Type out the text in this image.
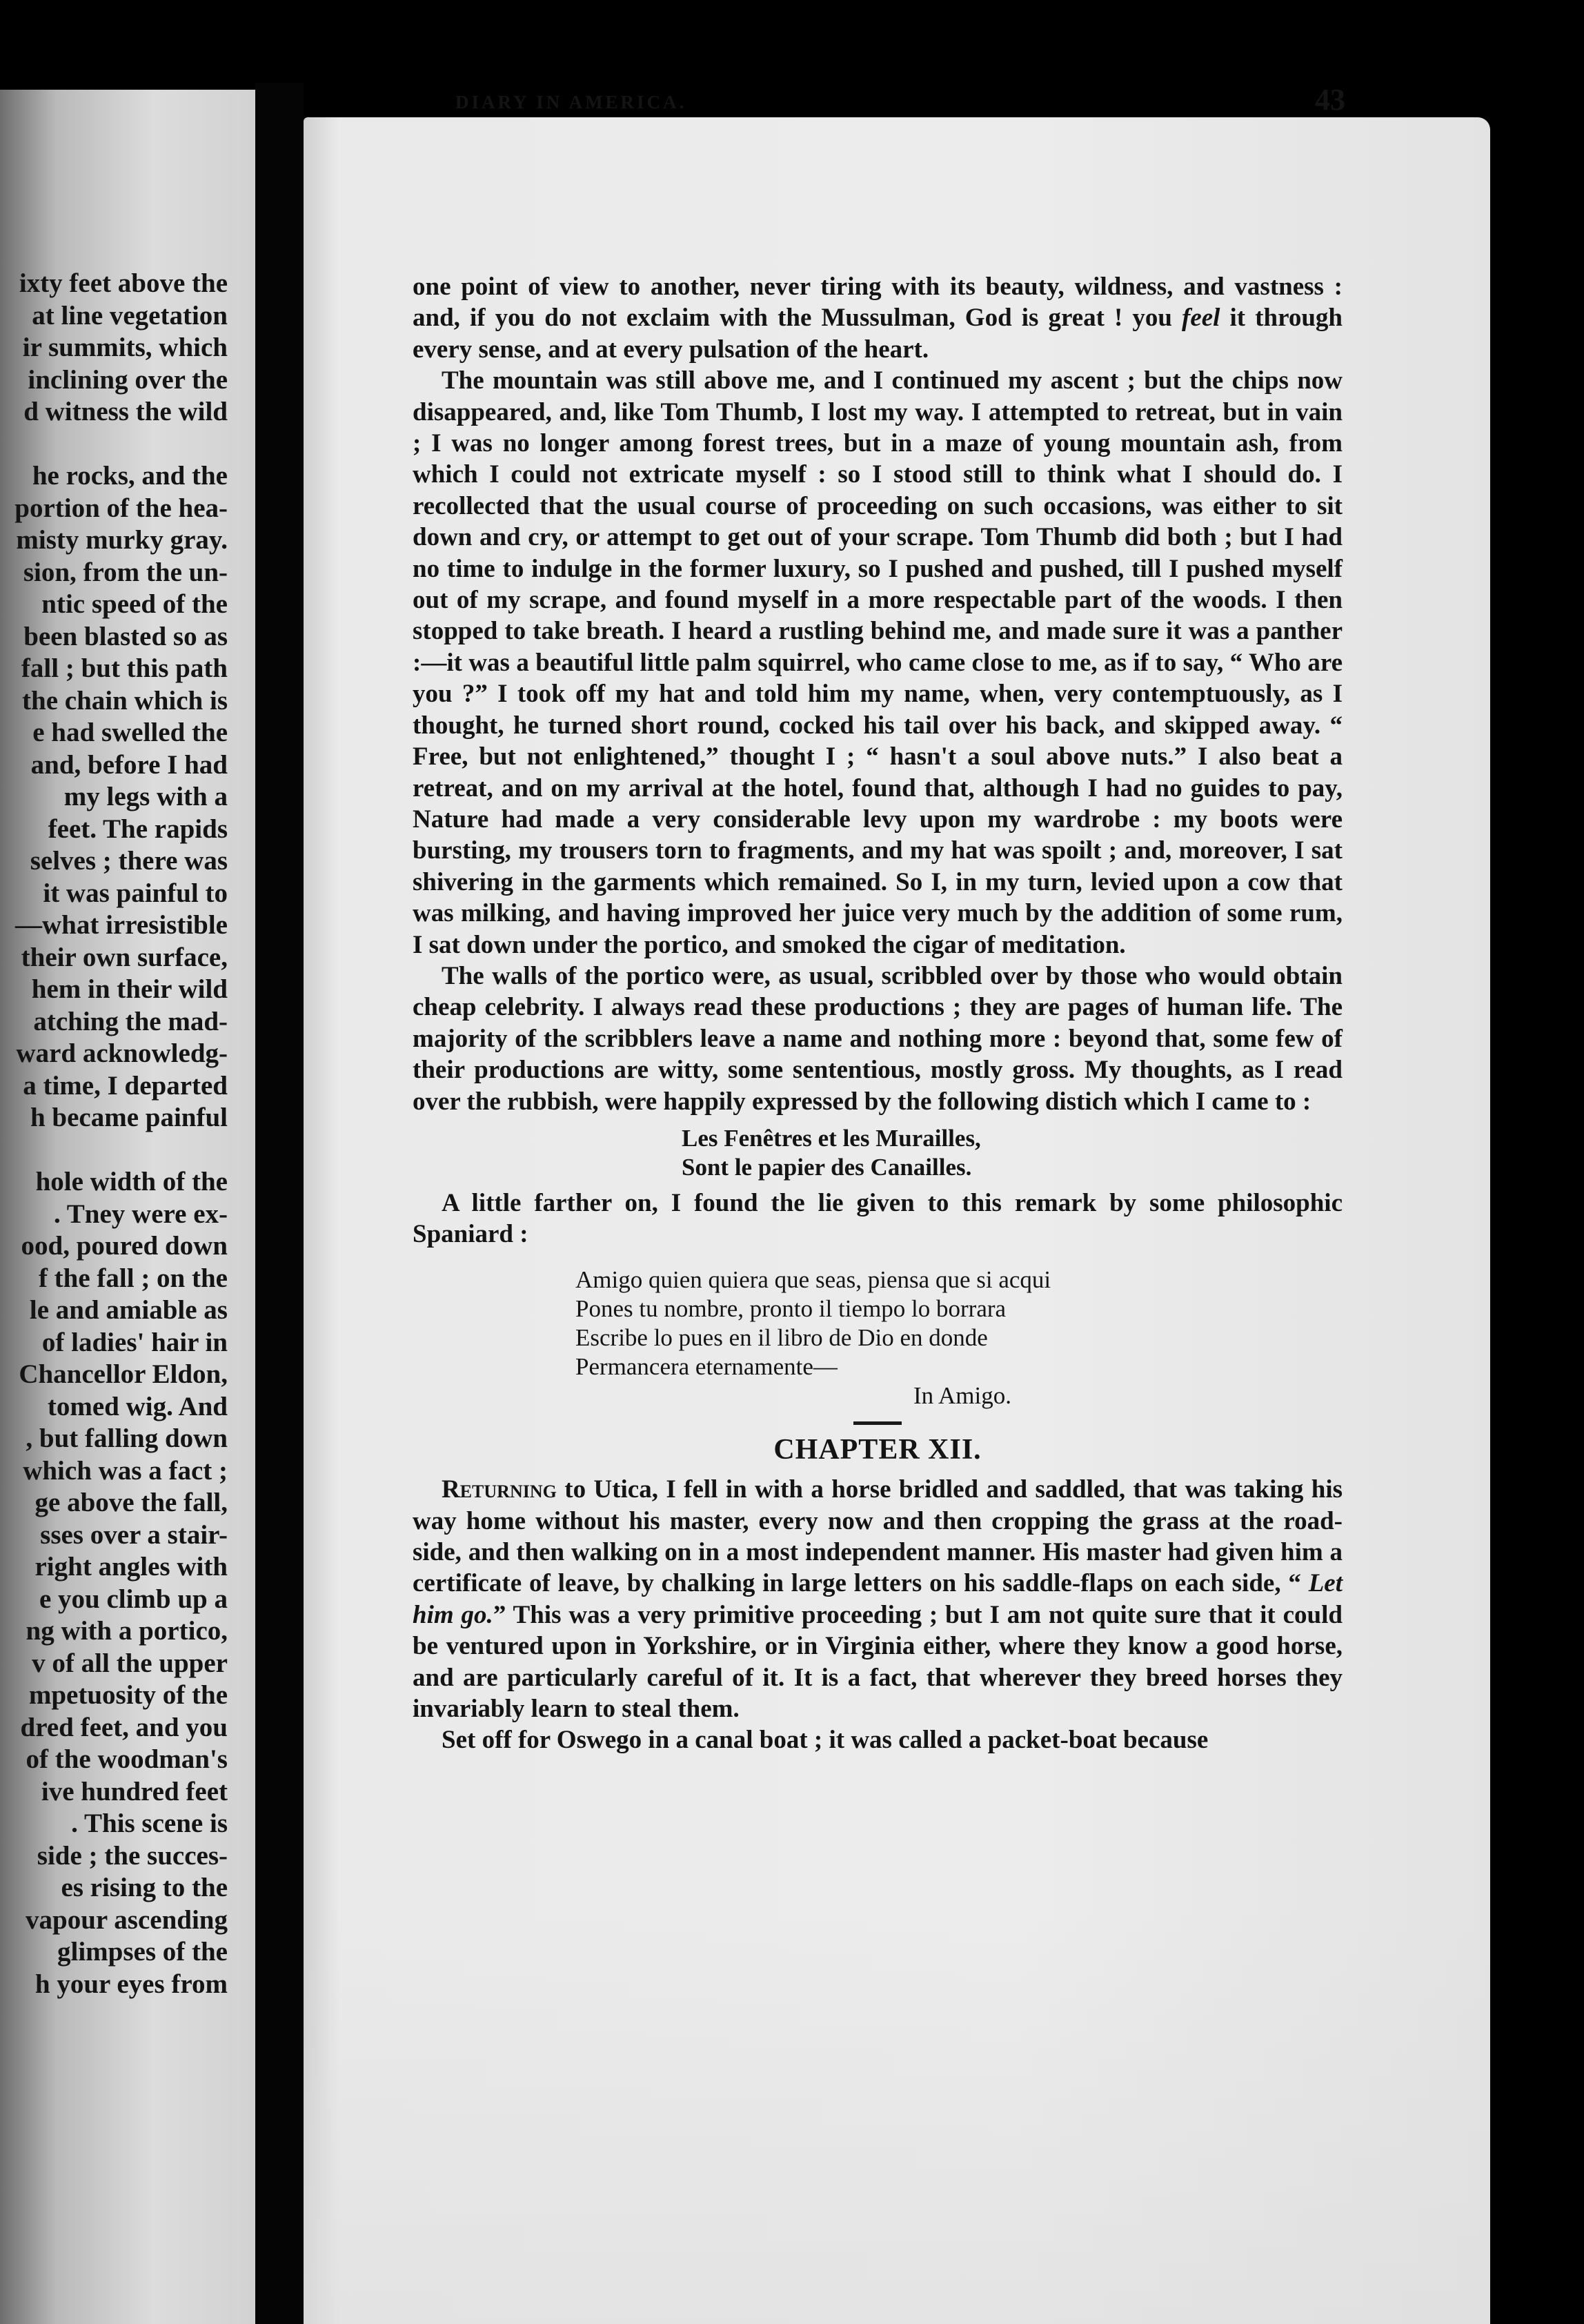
ixty feet above the
at line vegetation
ir summits, which
inclining over the
d witness the wild

he rocks, and the
portion of the hea-
misty murky gray.
sion, from the un-
ntic speed of the
been blasted so as
fall ; but this path
the chain which is
e had swelled the
and, before I had
my legs with a
feet. The rapids
selves ; there was
it was painful to
—what irresistible
their own surface,
hem in their wild
atching the mad-
ward acknowledg-
a time, I departed
h became painful

hole width of the
. Tney were ex-
ood, poured down
f the fall ; on the
le and amiable as
of ladies' hair in
Chancellor Eldon,
tomed wig. And
, but falling down
which was a fact ;
ge above the fall,
sses over a stair-
right angles with
e you climb up a
ng with a portico,
v of all the upper
mpetuosity of the
dred feet, and you
of the woodman's
ive hundred feet
. This scene is
side ; the succes-
es rising to the
vapour ascending
glimpses of the
h your eyes from
DIARY IN AMERICA.	43

one point of view to another, never tiring with its beauty, wildness, and vastness : and, if you do not exclaim with the Mussulman, God is great ! you feel it through every sense, and at every pulsation of the heart.

The mountain was still above me, and I continued my ascent ; but the chips now disappeared, and, like Tom Thumb, I lost my way. I attempted to retreat, but in vain ; I was no longer among forest trees, but in a maze of young mountain ash, from which I could not extricate myself : so I stood still to think what I should do. I recollected that the usual course of proceeding on such occasions, was either to sit down and cry, or attempt to get out of your scrape. Tom Thumb did both ; but I had no time to indulge in the former luxury, so I pushed and pushed, till I pushed myself out of my scrape, and found myself in a more respectable part of the woods. I then stopped to take breath. I heard a rustling behind me, and made sure it was a panther :—it was a beautiful little palm squirrel, who came close to me, as if to say, “ Who are you ?” I took off my hat and told him my name, when, very contemptuously, as I thought, he turned short round, cocked his tail over his back, and skipped away. “ Free, but not enlightened,” thought I ; “ hasn't a soul above nuts.” I also beat a retreat, and on my arrival at the hotel, found that, although I had no guides to pay, Nature had made a very considerable levy upon my wardrobe : my boots were bursting, my trousers torn to fragments, and my hat was spoilt ; and, moreover, I sat shivering in the garments which remained. So I, in my turn, levied upon a cow that was milking, and having improved her juice very much by the addition of some rum, I sat down under the portico, and smoked the cigar of meditation.

The walls of the portico were, as usual, scribbled over by those who would obtain cheap celebrity. I always read these productions ; they are pages of human life. The majority of the scribblers leave a name and nothing more : beyond that, some few of their productions are witty, some sententious, mostly gross. My thoughts, as I read over the rubbish, were happily expressed by the following distich which I came to :

Les Fenêtres et les Murailles,
Sont le papier des Canailles.

A little farther on, I found the lie given to this remark by some philosophic Spaniard :

Amigo quien quiera que seas, piensa que si acqui
Pones tu nombre, pronto il tiempo lo borrara
Escribe lo pues en il libro de Dio en donde
Permancera eternamente—
In Amigo.
CHAPTER XII.

Returning to Utica, I fell in with a horse bridled and saddled, that was taking his way home without his master, every now and then cropping the grass at the road-side, and then walking on in a most independent manner. His master had given him a certificate of leave, by chalking in large letters on his saddle-flaps on each side, “ Let him go.” This was a very primitive proceeding ; but I am not quite sure that it could be ventured upon in Yorkshire, or in Virginia either, where they know a good horse, and are particularly careful of it. It is a fact, that wherever they breed horses they invariably learn to steal them.

Set off for Oswego in a canal boat ; it was called a packet-boat because
